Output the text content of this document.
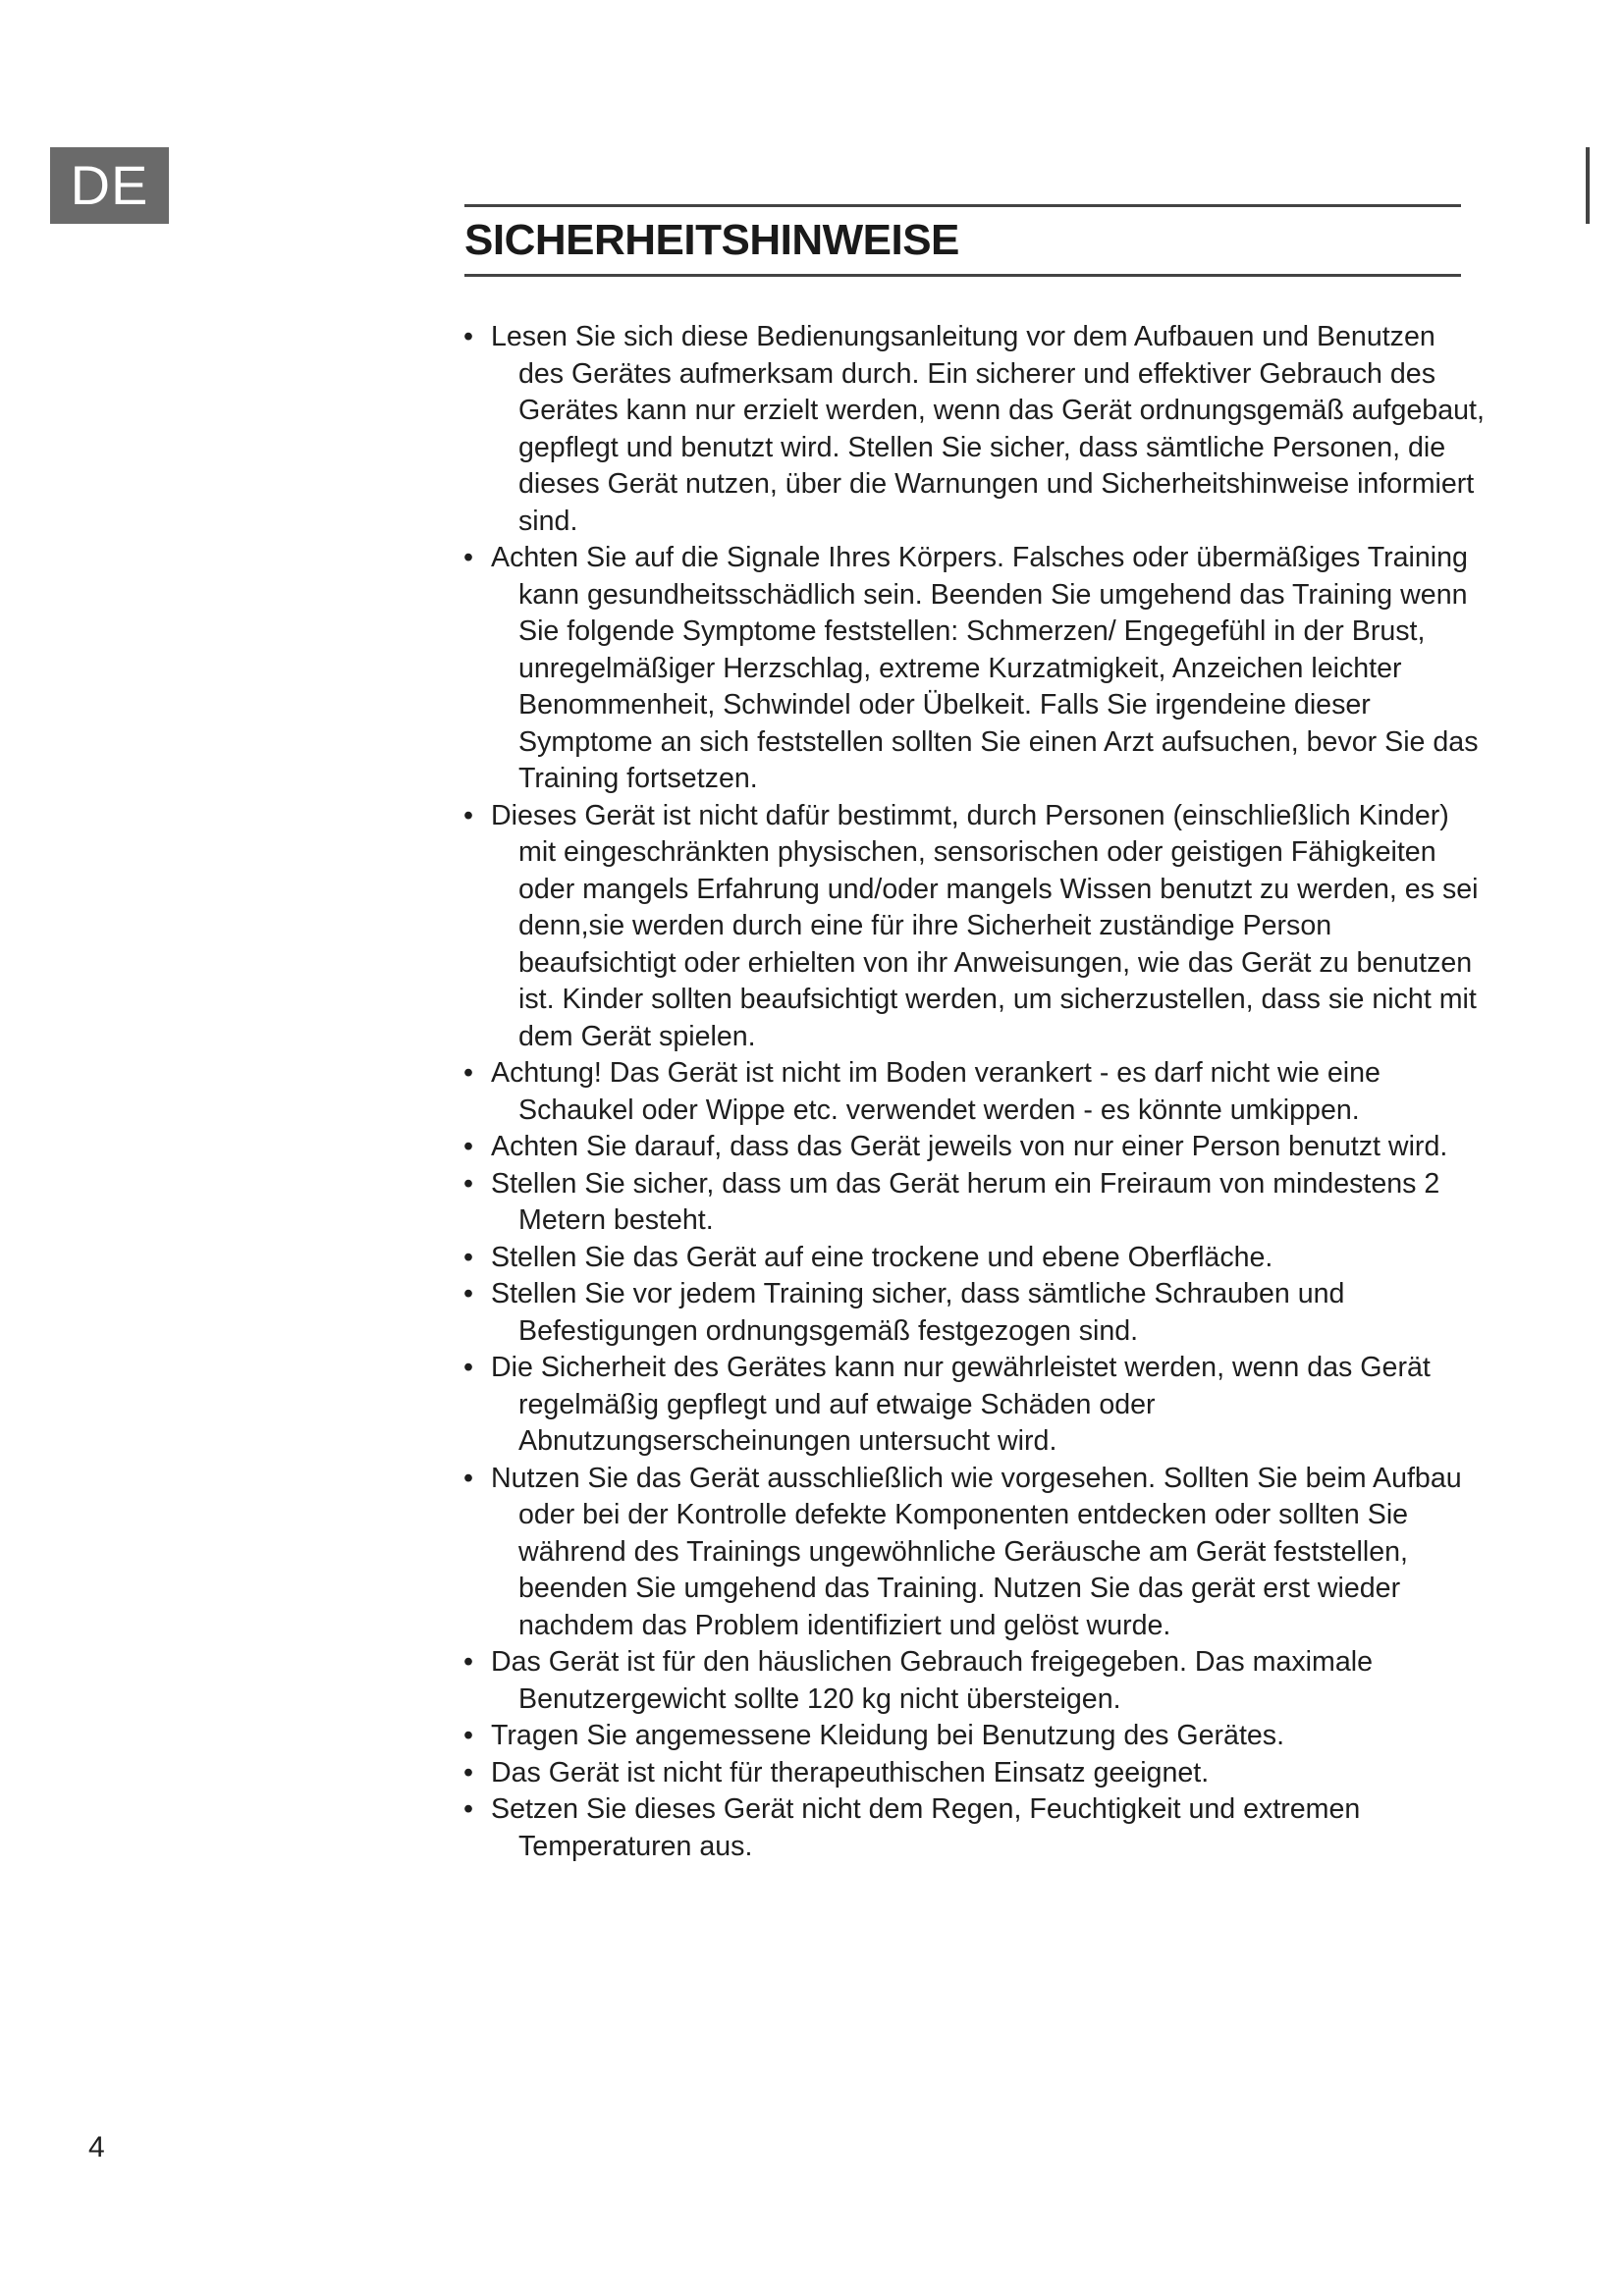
DE
SICHERHEITSHINWEISE
• Lesen Sie sich diese Bedienungsanleitung vor dem Aufbauen und Benutzen des Gerätes aufmerksam durch. Ein sicherer und effektiver Gebrauch des Gerätes kann nur erzielt werden, wenn das Gerät ordnungsgemäß aufgebaut, gepflegt und benutzt wird. Stellen Sie sicher, dass sämtliche Personen, die dieses Gerät nutzen, über die Warnungen und Sicherheitshinweise informiert sind.
• Achten Sie auf die Signale Ihres Körpers. Falsches oder übermäßiges Training kann gesundheitsschädlich sein. Beenden Sie umgehend das Training wenn Sie folgende Symptome feststellen: Schmerzen/ Engegefühl in der Brust, unregelmäßiger Herzschlag, extreme Kurzatmigkeit, Anzeichen leichter Benommenheit, Schwindel oder Übelkeit. Falls Sie irgendeine dieser Symptome an sich feststellen sollten Sie einen Arzt aufsuchen, bevor Sie das Training fortsetzen.
• Dieses Gerät ist nicht dafür bestimmt, durch Personen (einschließlich Kinder) mit eingeschränkten physischen, sensorischen oder geistigen Fähigkeiten oder mangels Erfahrung und/oder mangels Wissen benutzt zu werden, es sei denn,sie werden durch eine für ihre Sicherheit zuständige Person beaufsichtigt oder erhielten von ihr Anweisungen, wie das Gerät zu benutzen ist. Kinder sollten beaufsichtigt werden, um sicherzustellen, dass sie nicht mit dem Gerät spielen.
• Achtung! Das Gerät ist nicht im Boden verankert - es darf nicht wie eine Schaukel oder Wippe etc. verwendet werden - es könnte umkippen.
• Achten Sie darauf, dass das Gerät jeweils von nur einer Person benutzt wird.
• Stellen Sie sicher, dass um das Gerät herum ein Freiraum von mindestens 2 Metern besteht.
• Stellen Sie das Gerät auf eine trockene und ebene Oberfläche.
• Stellen Sie vor jedem Training sicher, dass sämtliche Schrauben und Befestigungen ordnungsgemäß festgezogen sind.
• Die Sicherheit des Gerätes kann nur gewährleistet werden, wenn das Gerät regelmäßig gepflegt und auf etwaige Schäden oder Abnutzungserscheinungen untersucht wird.
• Nutzen Sie das Gerät ausschließlich wie vorgesehen. Sollten Sie beim Aufbau oder bei der Kontrolle defekte Komponenten entdecken oder sollten Sie während des Trainings ungewöhnliche Geräusche am Gerät feststellen, beenden Sie umgehend das Training. Nutzen Sie das gerät erst wieder nachdem das Problem identifiziert und gelöst wurde.
• Das Gerät ist für den häuslichen Gebrauch freigegeben. Das maximale Benutzergewicht sollte 120 kg nicht übersteigen.
• Tragen Sie angemessene Kleidung bei Benutzung des Gerätes.
• Das Gerät ist nicht für therapeuthischen Einsatz geeignet.
• Setzen Sie dieses Gerät nicht dem Regen, Feuchtigkeit und extremen Temperaturen aus.
4
